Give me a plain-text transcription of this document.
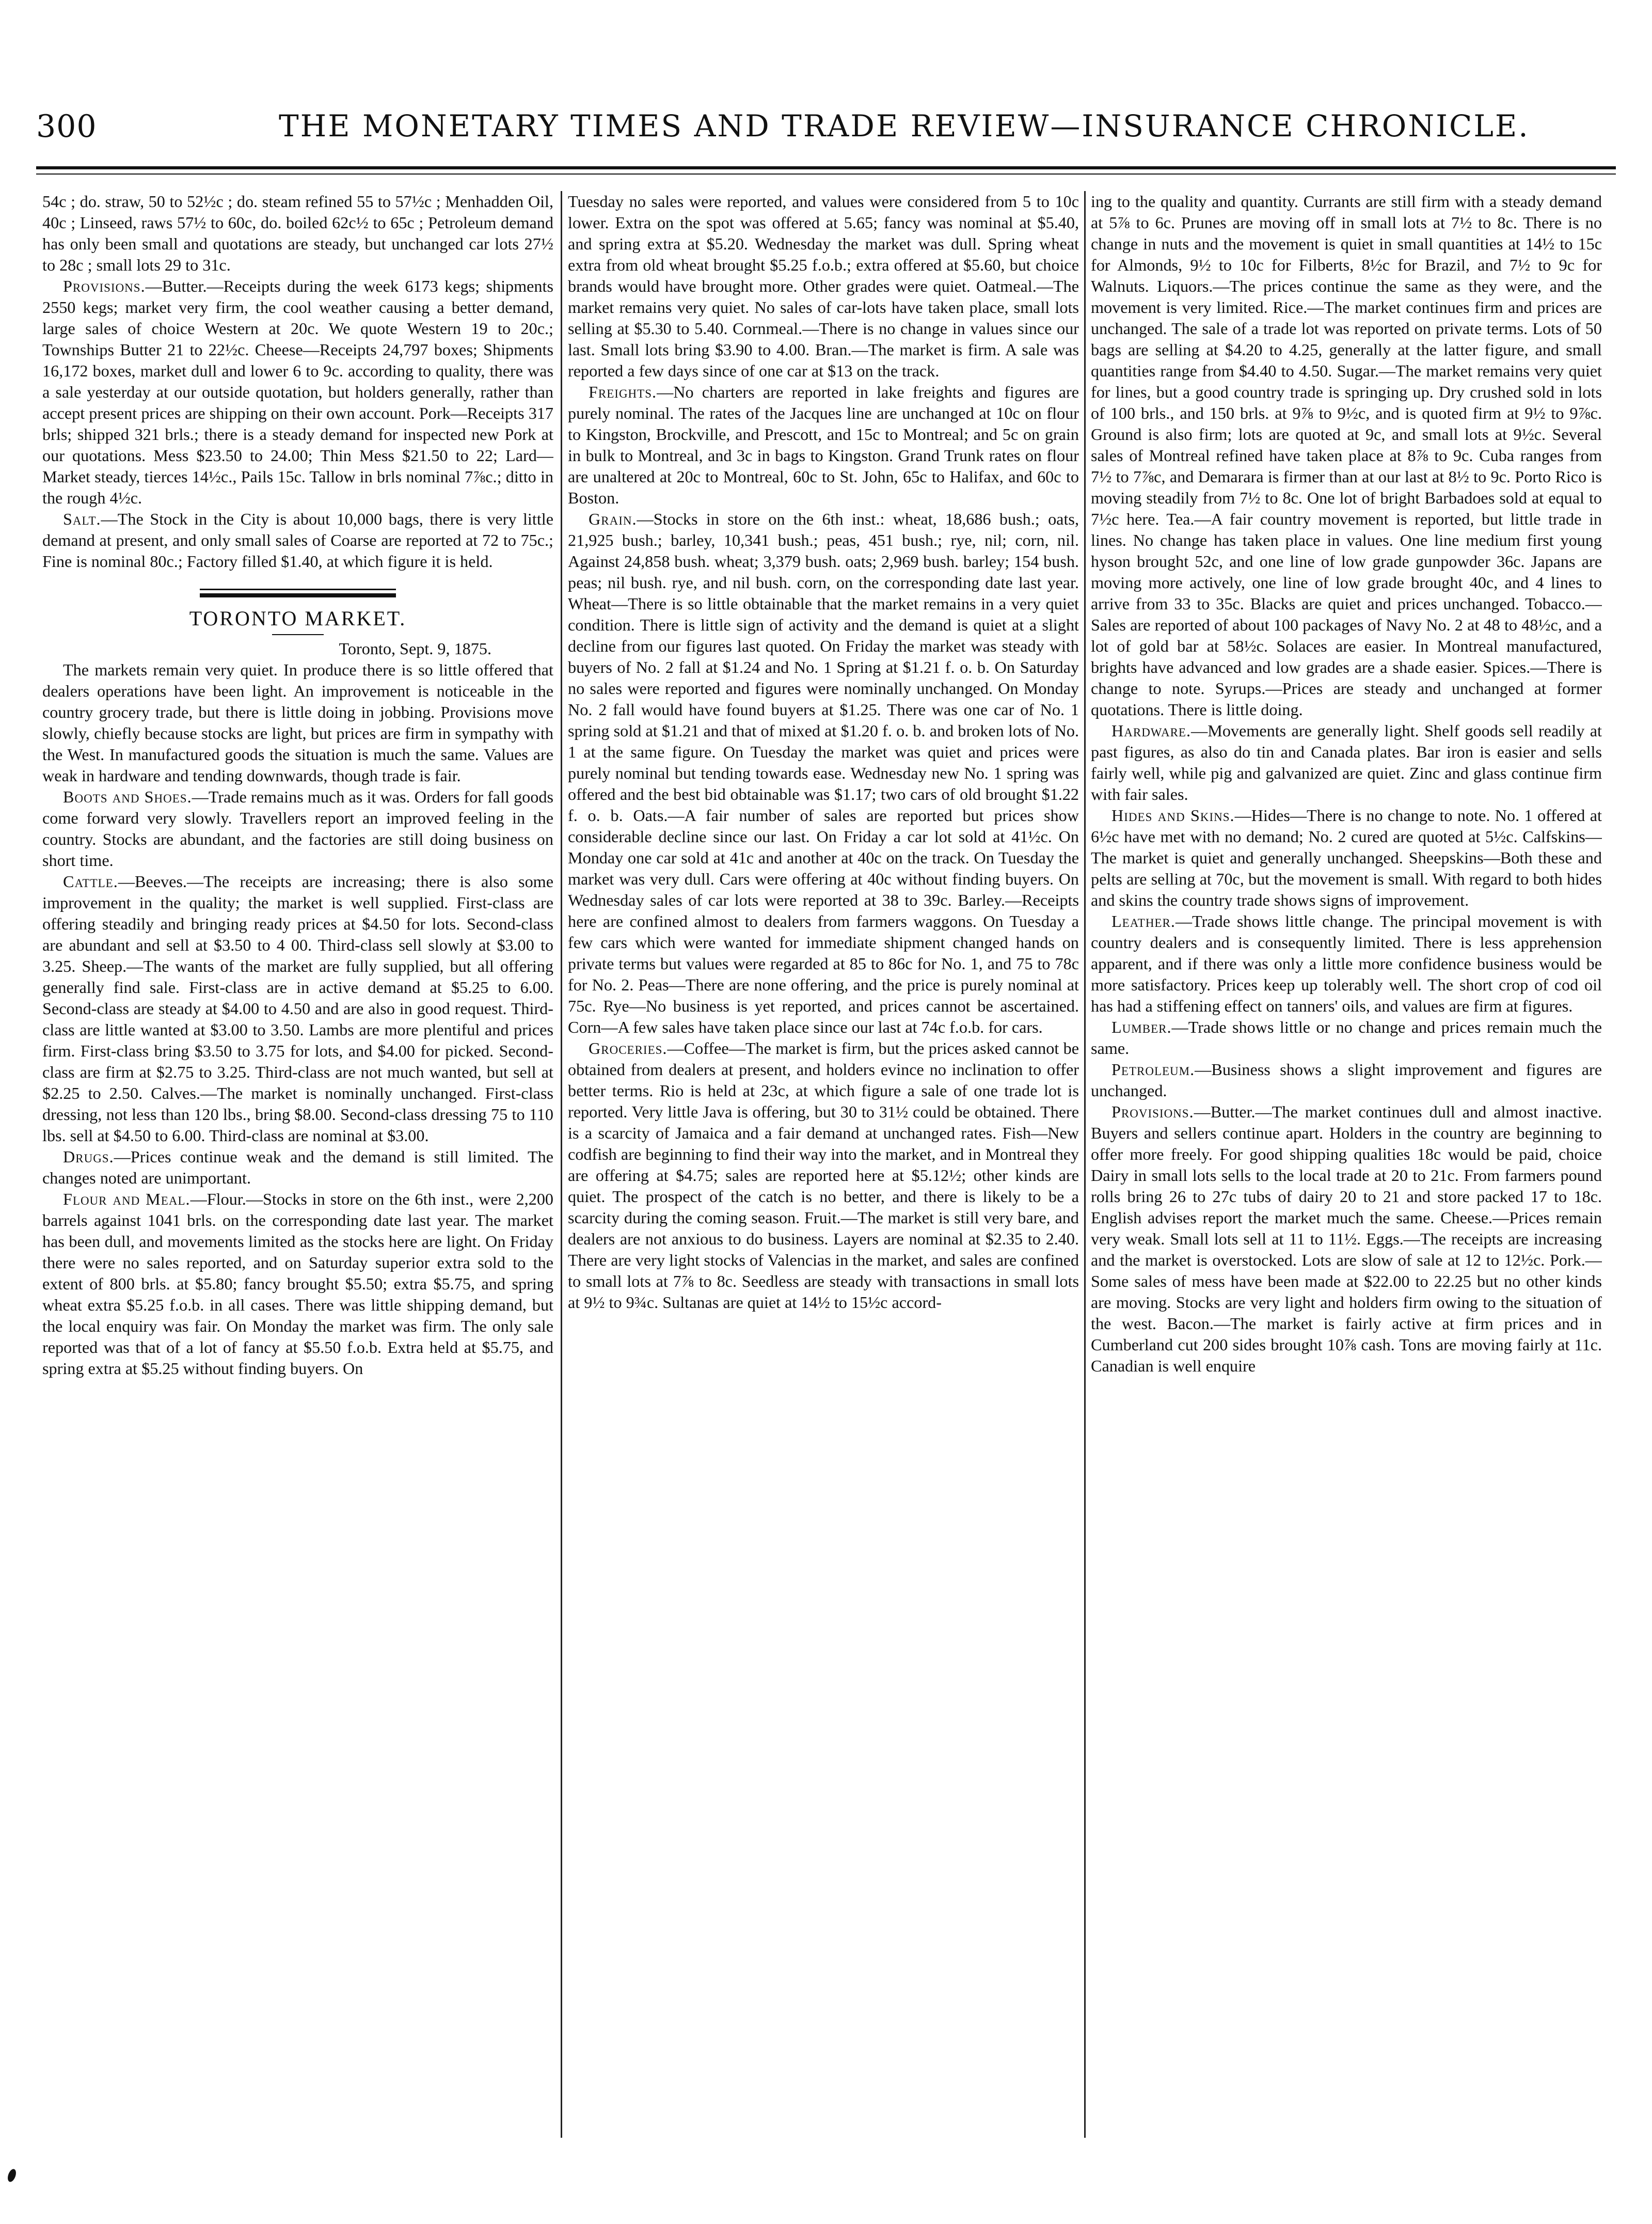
300	THE MONETARY TIMES AND TRADE REVIEW—INSURANCE CHRONICLE.

54c ; do. straw, 50 to 52½c ; do. steam refined 55 to 57½c ; Menhadden Oil, 40c ; Linseed, raws 57½ to 60c, do. boiled 62c½ to 65c ; Petroleum demand has only been small and quotations are steady, but unchanged car lots 27½ to 28c ; small lots 29 to 31c.

Provisions.—Butter.—Receipts during the week 6173 kegs; shipments 2550 kegs; market very firm, the cool weather causing a better demand, large sales of choice Western at 20c. We quote Western 19 to 20c.; Townships Butter 21 to 22½c. Cheese—Receipts 24,797 boxes; Shipments 16,172 boxes, market dull and lower 6 to 9c. according to quality, there was a sale yesterday at our outside quotation, but holders generally, rather than accept present prices are shipping on their own account. Pork—Receipts 317 brls; shipped 321 brls.; there is a steady demand for inspected new Pork at our quotations. Mess $23.50 to 24.00; Thin Mess $21.50 to 22; Lard—Market steady, tierces 14½c., Pails 15c. Tallow in brls nominal 7⅞c.; ditto in the rough 4½c.

Salt.—The Stock in the City is about 10,000 bags, there is very little demand at present, and only small sales of Coarse are reported at 72 to 75c.; Fine is nominal 80c.; Factory filled $1.40, at which figure it is held.

TORONTO MARKET.

Toronto, Sept. 9, 1875.

The markets remain very quiet. In produce there is so little offered that dealers operations have been light. An improvement is noticeable in the country grocery trade, but there is little doing in jobbing. Provisions move slowly, chiefly because stocks are light, but prices are firm in sympathy with the West. In manufactured goods the situation is much the same. Values are weak in hardware and tending downwards, though trade is fair.

Boots and Shoes.—Trade remains much as it was. Orders for fall goods come forward very slowly. Travellers report an improved feeling in the country. Stocks are abundant, and the factories are still doing business on short time.

Cattle.—Beeves.—The receipts are increasing; there is also some improvement in the quality; the market is well supplied. First-class are offering steadily and bringing ready prices at $4.50 for lots. Second-class are abundant and sell at $3.50 to 4 00. Third-class sell slowly at $3.00 to 3.25. Sheep.—The wants of the market are fully supplied, but all offering generally find sale. First-class are in active demand at $5.25 to 6.00. Second-class are steady at $4.00 to 4.50 and are also in good request. Third-class are little wanted at $3.00 to 3.50. Lambs are more plentiful and prices firm. First-class bring $3.50 to 3.75 for lots, and $4.00 for picked. Second-class are firm at $2.75 to 3.25. Third-class are not much wanted, but sell at $2.25 to 2.50. Calves.—The market is nominally unchanged. First-class dressing, not less than 120 lbs., bring $8.00. Second-class dressing 75 to 110 lbs. sell at $4.50 to 6.00. Third-class are nominal at $3.00.

Drugs.—Prices continue weak and the demand is still limited. The changes noted are unimportant.

Flour and Meal.—Flour.—Stocks in store on the 6th inst., were 2,200 barrels against 1041 brls. on the corresponding date last year. The market has been dull, and movements limited as the stocks here are light. On Friday there were no sales reported, and on Saturday superior extra sold to the extent of 800 brls. at $5.80; fancy brought $5.50; extra $5.75, and spring wheat extra $5.25 f.o.b. in all cases. There was little shipping demand, but the local enquiry was fair. On Monday the market was firm. The only sale reported was that of a lot of fancy at $5.50 f.o.b. Extra held at $5.75, and spring extra at $5.25 without finding buyers. On

Tuesday no sales were reported, and values were considered from 5 to 10c lower. Extra on the spot was offered at 5.65; fancy was nominal at $5.40, and spring extra at $5.20. Wednesday the market was dull. Spring wheat extra from old wheat brought $5.25 f.o.b.; extra offered at $5.60, but choice brands would have brought more. Other grades were quiet. Oatmeal.—The market remains very quiet. No sales of car-lots have taken place, small lots selling at $5.30 to 5.40. Cornmeal.—There is no change in values since our last. Small lots bring $3.90 to 4.00. Bran.—The market is firm. A sale was reported a few days since of one car at $13 on the track.

Freights.—No charters are reported in lake freights and figures are purely nominal. The rates of the Jacques line are unchanged at 10c on flour to Kingston, Brockville, and Prescott, and 15c to Montreal; and 5c on grain in bulk to Montreal, and 3c in bags to Kingston. Grand Trunk rates on flour are unaltered at 20c to Montreal, 60c to St. John, 65c to Halifax, and 60c to Boston.

Grain.—Stocks in store on the 6th inst.: wheat, 18,686 bush.; oats, 21,925 bush.; barley, 10,341 bush.; peas, 451 bush.; rye, nil; corn, nil. Against 24,858 bush. wheat; 3,379 bush. oats; 2,969 bush. barley; 154 bush. peas; nil bush. rye, and nil bush. corn, on the corresponding date last year. Wheat—There is so little obtainable that the market remains in a very quiet condition. There is little sign of activity and the demand is quiet at a slight decline from our figures last quoted. On Friday the market was steady with buyers of No. 2 fall at $1.24 and No. 1 Spring at $1.21 f. o. b. On Saturday no sales were reported and figures were nominally unchanged. On Monday No. 2 fall would have found buyers at $1.25. There was one car of No. 1 spring sold at $1.21 and that of mixed at $1.20 f. o. b. and broken lots of No. 1 at the same figure. On Tuesday the market was quiet and prices were purely nominal but tending towards ease. Wednesday new No. 1 spring was offered and the best bid obtainable was $1.17; two cars of old brought $1.22 f. o. b. Oats.—A fair number of sales are reported but prices show considerable decline since our last. On Friday a car lot sold at 41½c. On Monday one car sold at 41c and another at 40c on the track. On Tuesday the market was very dull. Cars were offering at 40c without finding buyers. On Wednesday sales of car lots were reported at 38 to 39c. Barley.—Receipts here are confined almost to dealers from farmers waggons. On Tuesday a few cars which were wanted for immediate shipment changed hands on private terms but values were regarded at 85 to 86c for No. 1, and 75 to 78c for No. 2. Peas—There are none offering, and the price is purely nominal at 75c. Rye—No business is yet reported, and prices cannot be ascertained. Corn—A few sales have taken place since our last at 74c f.o.b. for cars.

Groceries.—Coffee—The market is firm, but the prices asked cannot be obtained from dealers at present, and holders evince no inclination to offer better terms. Rio is held at 23c, at which figure a sale of one trade lot is reported. Very little Java is offering, but 30 to 31½ could be obtained. There is a scarcity of Jamaica and a fair demand at unchanged rates. Fish—New codfish are beginning to find their way into the market, and in Montreal they are offering at $4.75; sales are reported here at $5.12½; other kinds are quiet. The prospect of the catch is no better, and there is likely to be a scarcity during the coming season. Fruit.—The market is still very bare, and dealers are not anxious to do business. Layers are nominal at $2.35 to 2.40. There are very light stocks of Valencias in the market, and sales are confined to small lots at 7⅞ to 8c. Seedless are steady with transactions in small lots at 9½ to 9¾c. Sultanas are quiet at 14½ to 15½c accord-

ing to the quality and quantity. Currants are still firm with a steady demand at 5⅞ to 6c. Prunes are moving off in small lots at 7½ to 8c. There is no change in nuts and the movement is quiet in small quantities at 14½ to 15c for Almonds, 9½ to 10c for Filberts, 8½c for Brazil, and 7½ to 9c for Walnuts. Liquors.—The prices continue the same as they were, and the movement is very limited. Rice.—The market continues firm and prices are unchanged. The sale of a trade lot was reported on private terms. Lots of 50 bags are selling at $4.20 to 4.25, generally at the latter figure, and small quantities range from $4.40 to 4.50. Sugar.—The market remains very quiet for lines, but a good country trade is springing up. Dry crushed sold in lots of 100 brls., and 150 brls. at 9⅞ to 9½c, and is quoted firm at 9½ to 9⅞c. Ground is also firm; lots are quoted at 9c, and small lots at 9½c. Several sales of Montreal refined have taken place at 8⅞ to 9c. Cuba ranges from 7½ to 7⅞c, and Demarara is firmer than at our last at 8½ to 9c. Porto Rico is moving steadily from 7½ to 8c. One lot of bright Barbadoes sold at equal to 7½c here. Tea.—A fair country movement is reported, but little trade in lines. No change has taken place in values. One line medium first young hyson brought 52c, and one line of low grade gunpowder 36c. Japans are moving more actively, one line of low grade brought 40c, and 4 lines to arrive from 33 to 35c. Blacks are quiet and prices unchanged. Tobacco.—Sales are reported of about 100 packages of Navy No. 2 at 48 to 48½c, and a lot of gold bar at 58½c. Solaces are easier. In Montreal manufactured, brights have advanced and low grades are a shade easier. Spices.—There is change to note. Syrups.—Prices are steady and unchanged at former quotations. There is little doing.

Hardware.—Movements are generally light. Shelf goods sell readily at past figures, as also do tin and Canada plates. Bar iron is easier and sells fairly well, while pig and galvanized are quiet. Zinc and glass continue firm with fair sales.

Hides and Skins.—Hides—There is no change to note. No. 1 offered at 6½c have met with no demand; No. 2 cured are quoted at 5½c. Calfskins—The market is quiet and generally unchanged. Sheepskins—Both these and pelts are selling at 70c, but the movement is small. With regard to both hides and skins the country trade shows signs of improvement.

Leather.—Trade shows little change. The principal movement is with country dealers and is consequently limited. There is less apprehension apparent, and if there was only a little more confidence business would be more satisfactory. Prices keep up tolerably well. The short crop of cod oil has had a stiffening effect on tanners' oils, and values are firm at figures.

Lumber.—Trade shows little or no change and prices remain much the same.

Petroleum.—Business shows a slight improvement and figures are unchanged.

Provisions.—Butter.—The market continues dull and almost inactive. Buyers and sellers continue apart. Holders in the country are beginning to offer more freely. For good shipping qualities 18c would be paid, choice Dairy in small lots sells to the local trade at 20 to 21c. From farmers pound rolls bring 26 to 27c tubs of dairy 20 to 21 and store packed 17 to 18c. English advises report the market much the same. Cheese.—Prices remain very weak. Small lots sell at 11 to 11½. Eggs.—The receipts are increasing and the market is overstocked. Lots are slow of sale at 12 to 12½c. Pork.—Some sales of mess have been made at $22.00 to 22.25 but no other kinds are moving. Stocks are very light and holders firm owing to the situation of the west. Bacon.—The market is fairly active at firm prices and in Cumberland cut 200 sides brought 10⅞ cash. Tons are moving fairly at 11c. Canadian is well enquire
